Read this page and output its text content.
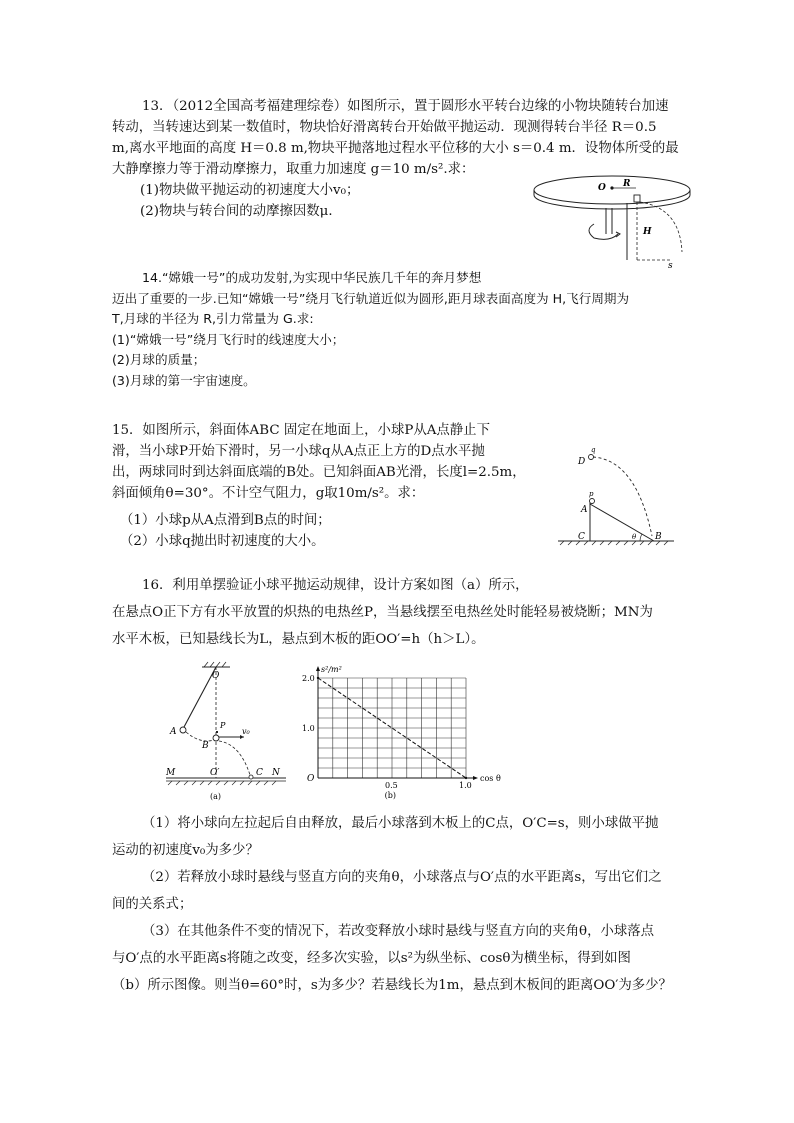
13．（2012全国高考福建理综卷）如图所示，置于圆形水平转台边缘的小物块随转台加速
转动，当转速达到某一数值时，物块恰好滑离转台开始做平抛运动．现测得转台半径 R＝0.5
m,离水平地面的高度 H＝0.8 m,物块平抛落地过程水平位移的大小 s＝0.4 m．设物体所受的最
大静摩擦力等于滑动摩擦力，取重力加速度 g＝10 m/s².求：
(1)物块做平抛运动的初速度大小v₀；
(2)物块与转台间的动摩擦因数μ．
O R
H
s
14.“嫦娥一号”的成功发射,为实现中华民族几千年的奔月梦想
迈出了重要的一步.已知“嫦娥一号”绕月飞行轨道近似为圆形,距月球表面高度为 H,飞行周期为
T,月球的半径为 R,引力常量为 G.求:
(1)“嫦娥一号”绕月飞行时的线速度大小；
(2)月球的质量；
(3)月球的第一宇宙速度。
15．如图所示，斜面体ABC 固定在地面上，小球P从A点静止下
滑，当小球P开始下滑时，另一小球q从A点正上方的D点水平抛
出，两球同时到达斜面底端的B处。已知斜面AB光滑，长度l=2.5m，
斜面倾角θ=30°。不计空气阻力，g取10m/s²。求：
（1）小球p从A点滑到B点的时间；
（2）小球q抛出时初速度的大小。
D
q
A
p
C	θ B
16．利用单摆验证小球平抛运动规律，设计方案如图（a）所示，
在悬点O正下方有水平放置的炽热的电热丝P，当悬线摆至电热丝处时能轻易被烧断；MN为
水平木板，已知悬线长为L，悬点到木板的距OO′=h（h＞L）。
O
A
P
B
v₀
M	O′	C N
(a)
0.5	1.0
1.0
2.0
s²/m²
cos θ
O
(b)
（1）将小球向左拉起后自由释放，最后小球落到木板上的C点，O′C=s，则小球做平抛
运动的初速度v₀为多少？
（2）若释放小球时悬线与竖直方向的夹角θ，小球落点与O′点的水平距离s，写出它们之
间的关系式；
（3）在其他条件不变的情况下，若改变释放小球时悬线与竖直方向的夹角θ，小球落点
与O′点的水平距离s将随之改变，经多次实验，以s²为纵坐标、cosθ为横坐标，得到如图
（b）所示图像。则当θ=60°时，s为多少？若悬线长为1m，悬点到木板间的距离OO′为多少？
